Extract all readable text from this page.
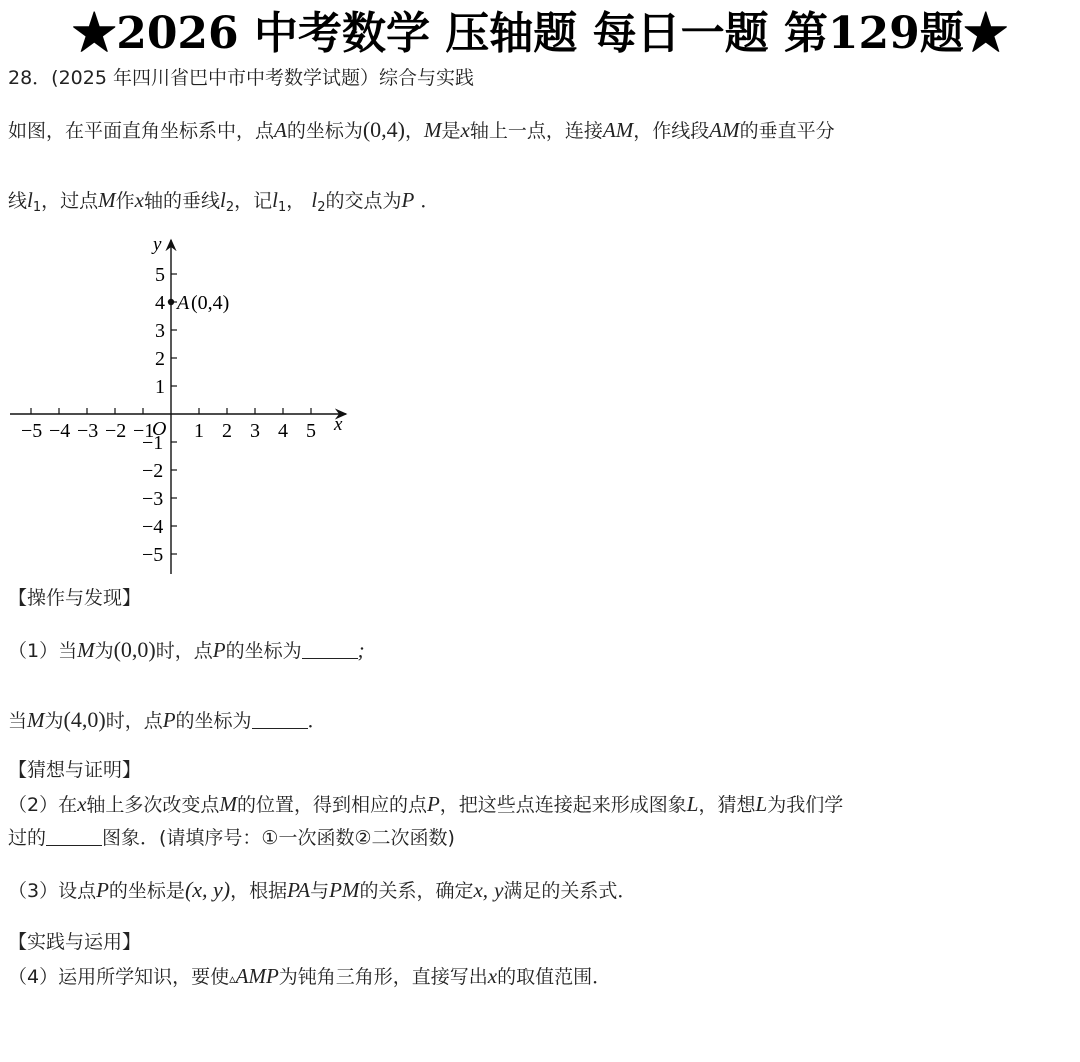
★2026 中考数学 压轴题 每日一题 第129题★
28．(2025 年四川省巴中市中考数学试题）综合与实践
如图，在平面直角坐标系中，点A的坐标为(0,4)，M是x轴上一点，连接AM，作线段AM的垂直平分
线$l_1$，过点M作x轴的垂线$l_2$，记$l_1$， $l_2$的交点为P ．
−5 −4 −3 −2 −1 1 2 3 4 5
5
4
3
2
1
−1
−2
−3
−4
−5
y
x
O
A (0,4)
【操作与发现】
（1）当M为(0,0)时，点P的坐标为	;
当M为(4,0)时，点P的坐标为	．
【猜想与证明】
（2）在x轴上多次改变点M的位置，得到相应的点P，把这些点连接起来形成图象L，猜想L为我们学
过的	图象．(请填序号：①一次函数②二次函数)
（3）设点P的坐标是(x, y)，根据PA与PM的关系，确定x, y满足的关系式．
【实践与运用】
（4）运用所学知识，要使▵AMP为钝角三角形，直接写出x的取值范围．
